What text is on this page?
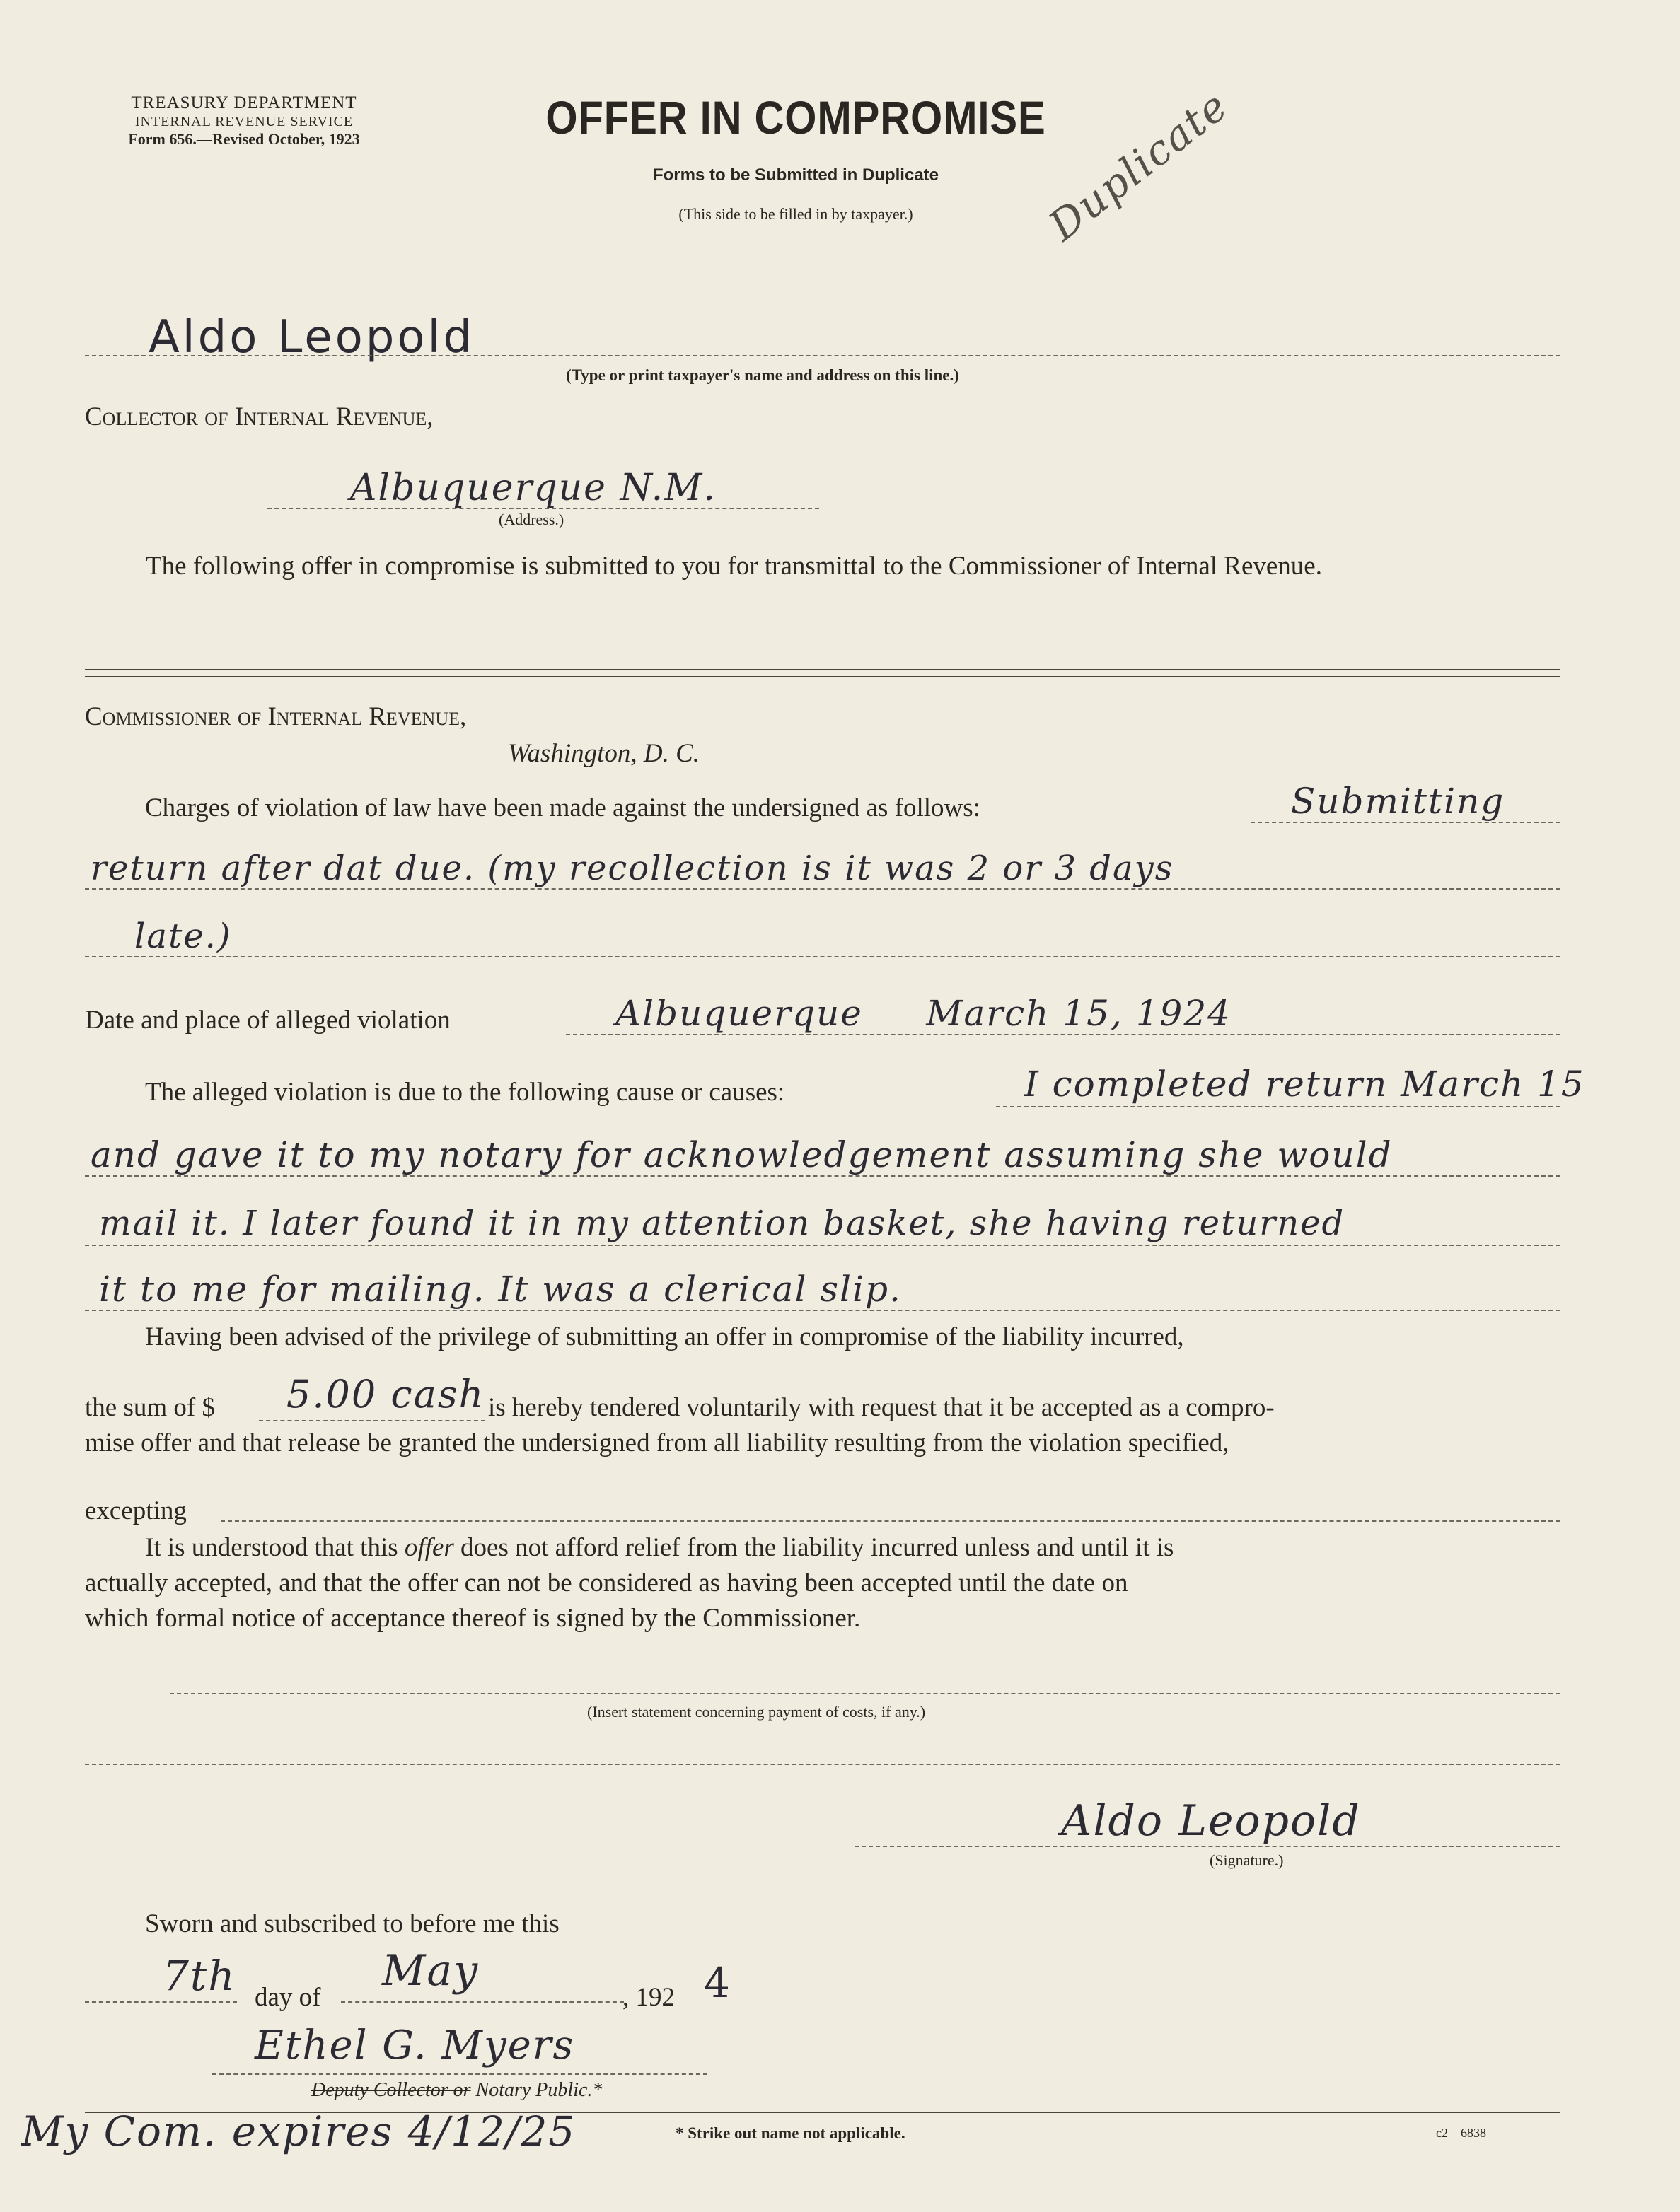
TREASURY DEPARTMENT
INTERNAL REVENUE SERVICE
Form 656.—Revised October, 1923	OFFER IN COMPROMISE
Forms to be Submitted in Duplicate
(This side to be filled in by taxpayer.)	Duplicate
Aldo Leopold
(Type or print taxpayer's name and address on this line.)
Collector of Internal Revenue,
Albuquerque N.M.
(Address.)
The following offer in compromise is submitted to you for transmittal to the Commissioner of Internal Revenue.
Commissioner of Internal Revenue,
Washington, D. C.
Charges of violation of law have been made against the undersigned as follows:	Submitting
return after dat due. (my recollection is it was 2 or 3 days
late.)
Date and place of alleged violation	Albuquerque     March 15, 1924
The alleged violation is due to the following cause or causes:	I completed return March 15
and gave it to my notary for acknowledgement assuming she would
mail it. I later found it in my attention basket, she having returned
it to me for mailing. It was a clerical slip.
Having been advised of the privilege of submitting an offer in compromise of the liability incurred,
the sum of $ 5.00 cash is hereby tendered voluntarily with request that it be accepted as a compro-
mise offer and that release be granted the undersigned from all liability resulting from the violation specified,
excepting
It is understood that this offer does not afford relief from the liability incurred unless and until it is
actually accepted, and that the offer can not be considered as having been accepted until the date on
which formal notice of acceptance thereof is signed by the Commissioner.
(Insert statement concerning payment of costs, if any.)
Aldo Leopold
(Signature.)
Sworn and subscribed to before me this
7th day of
May
, 192 4
Ethel G. Myers
Deputy Collector or Notary Public.*
My Com. expires 4/12/25	* Strike out name not applicable.	c2—6838
